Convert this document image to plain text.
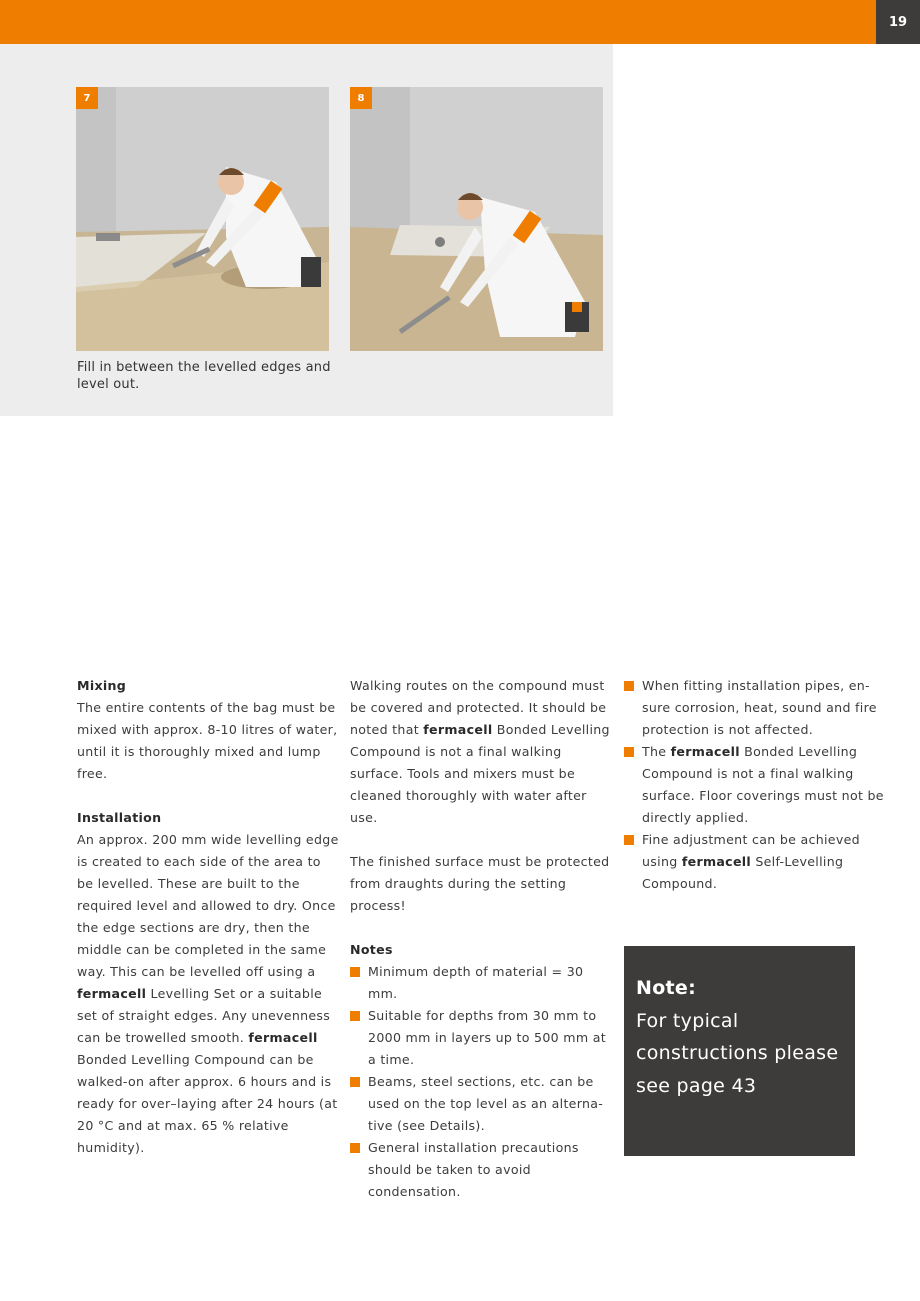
19
7	8
Fill in between the levelled edges and level out.

Mixing

The entire contents of the bag must be mixed with approx. 8-10 litres of water, until it is thoroughly mixed and lump free.

Installation

An approx. 200 mm wide levelling edge is created to each side of the area to be levelled. These are built to the required level and allowed to dry. Once the edge sections are dry, then the middle can be completed in the same way. This can be levelled off using a fermacell Levelling Set or a suitable set of straight edges. Any unevenness can be trowelled smooth. fermacell Bonded Levelling Compound can be walked-on after approx. 6 hours and is ready for over–laying after 24 hours (at 20 °C and at max. 65 % relative humidity).

Walking routes on the compound must be covered and protected. It should be noted that fermacell Bonded Levelling Compound is not a final walking surface. Tools and mixers must be cleaned thoroughly with water after use.

The finished surface must be protected from draughts during the setting process!

Notes

Minimum depth of material = 30 mm.

Suitable for depths from 30 mm to 2000 mm in layers up to 500 mm at a time.

Beams, steel sections, etc. can be used on the top level as an alterna-tive (see Details).

General installation precautions should be taken to avoid condensation.

When fitting installation pipes, en-sure corrosion, heat, sound and fire protection is not affected.

The fermacell Bonded Levelling Compound is not a final walking surface. Floor coverings must not be directly applied.

Fine adjustment can be achieved using fermacell Self-Levelling Compound.

Note:
For typical constructions please see page 43
